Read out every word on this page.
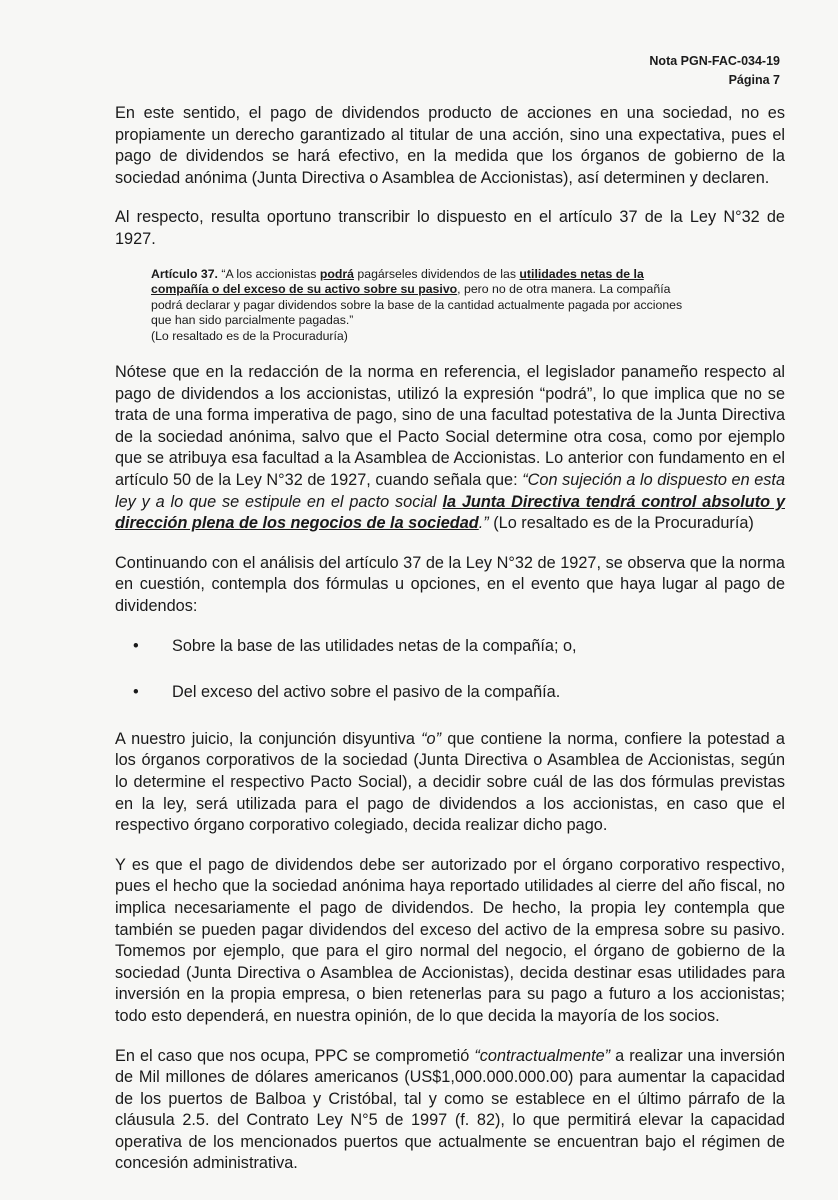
Nota PGN-FAC-034-19
Página 7

En este sentido, el pago de dividendos producto de acciones en una sociedad, no es propiamente un derecho garantizado al titular de una acción, sino una expectativa, pues el pago de dividendos se hará efectivo, en la medida que los órganos de gobierno de la sociedad anónima (Junta Directiva o Asamblea de Accionistas), así determinen y declaren.

Al respecto, resulta oportuno transcribir lo dispuesto en el artículo 37 de la Ley N°32 de 1927.

Artículo 37. “A los accionistas podrá pagárseles dividendos de las utilidades netas de la compañía o del exceso de su activo sobre su pasivo, pero no de otra manera. La compañía podrá declarar y pagar dividendos sobre la base de la cantidad actualmente pagada por acciones que han sido parcialmente pagadas.”
(Lo resaltado es de la Procuraduría)

Nótese que en la redacción de la norma en referencia, el legislador panameño respecto al pago de dividendos a los accionistas, utilizó la expresión “podrá”, lo que implica que no se trata de una forma imperativa de pago, sino de una facultad potestativa de la Junta Directiva de la sociedad anónima, salvo que el Pacto Social determine otra cosa, como por ejemplo que se atribuya esa facultad a la Asamblea de Accionistas. Lo anterior con fundamento en el artículo 50 de la Ley N°32 de 1927, cuando señala que: “Con sujeción a lo dispuesto en esta ley y a lo que se estipule en el pacto social la Junta Directiva tendrá control absoluto y dirección plena de los negocios de la sociedad.” (Lo resaltado es de la Procuraduría)

Continuando con el análisis del artículo 37 de la Ley N°32 de 1927, se observa que la norma en cuestión, contempla dos fórmulas u opciones, en el evento que haya lugar al pago de dividendos:

• Sobre la base de las utilidades netas de la compañía; o,
• Del exceso del activo sobre el pasivo de la compañía.

A nuestro juicio, la conjunción disyuntiva “o” que contiene la norma, confiere la potestad a los órganos corporativos de la sociedad (Junta Directiva o Asamblea de Accionistas, según lo determine el respectivo Pacto Social), a decidir sobre cuál de las dos fórmulas previstas en la ley, será utilizada para el pago de dividendos a los accionistas, en caso que el respectivo órgano corporativo colegiado, decida realizar dicho pago.

Y es que el pago de dividendos debe ser autorizado por el órgano corporativo respectivo, pues el hecho que la sociedad anónima haya reportado utilidades al cierre del año fiscal, no implica necesariamente el pago de dividendos. De hecho, la propia ley contempla que también se pueden pagar dividendos del exceso del activo de la empresa sobre su pasivo. Tomemos por ejemplo, que para el giro normal del negocio, el órgano de gobierno de la sociedad (Junta Directiva o Asamblea de Accionistas), decida destinar esas utilidades para inversión en la propia empresa, o bien retenerlas para su pago a futuro a los accionistas; todo esto dependerá, en nuestra opinión, de lo que decida la mayoría de los socios.

En el caso que nos ocupa, PPC se comprometió “contractualmente” a realizar una inversión de Mil millones de dólares americanos (US$1,000.000.000.00) para aumentar la capacidad de los puertos de Balboa y Cristóbal, tal y como se establece en el último párrafo de la cláusula 2.5. del Contrato Ley N°5 de 1997 (f. 82), lo que permitirá elevar la capacidad operativa de los mencionados puertos que actualmente se encuentran bajo el régimen de concesión administrativa.
